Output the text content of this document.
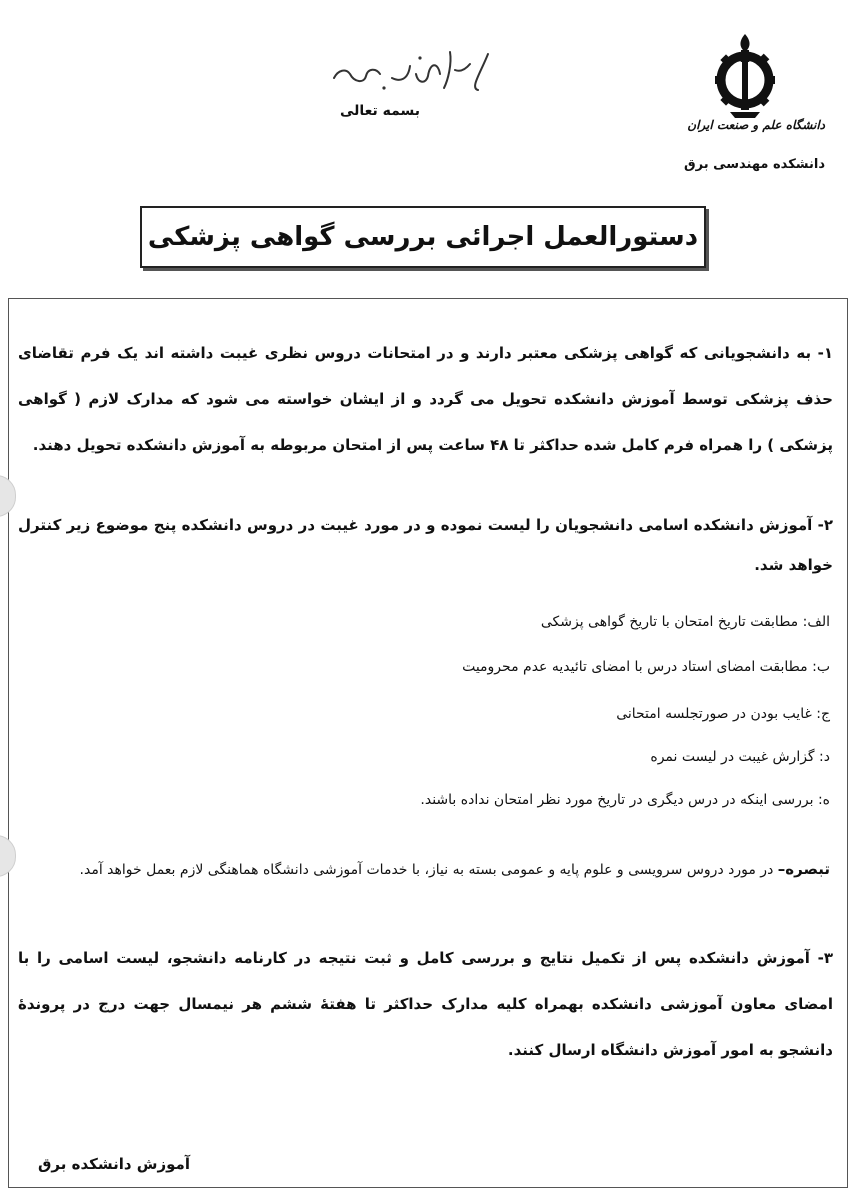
بسمه تعالی
دانشگاه علم و صنعت ایران
دانشکده مهندسی برق
دستورالعمل اجرائی بررسی گواهی پزشکی
۱- به دانشجویانی که گواهی پزشکی معتبر دارند و در امتحانات دروس نظری غیبت داشته اند یک فرم تقاضای حذف پزشکی توسط آموزش دانشکده تحویل می گردد و از ایشان خواسته می شود که مدارک لازم ( گواهی پزشکی ) را همراه فرم کامل شده حداکثر تا ۴۸ ساعت پس از امتحان مربوطه به آموزش دانشکده تحویل دهند.
۲- آموزش دانشکده اسامی دانشجویان را لیست نموده و در مورد غیبت در دروس دانشکده پنج موضوع زیر کنترل خواهد شد.
الف: مطابقت تاریخ امتحان با تاریخ گواهی پزشکی
ب: مطابقت امضای استاد درس با امضای تائیدیه عدم محرومیت
ج: غایب بودن در صورتجلسه امتحانی
د: گزارش غیبت در لیست نمره
ه: بررسی اینکه در درس دیگری در تاریخ مورد نظر امتحان نداده باشند.
تبصره– در مورد دروس سرویسی و علوم پایه و عمومی بسته به نیاز، با خدمات آموزشی دانشگاه هماهنگی لازم بعمل خواهد آمد.
۳- آموزش دانشکده پس از تکمیل نتایج و بررسی کامل و ثبت نتیجه در کارنامه دانشجو، لیست اسامی را با امضای معاون آموزشی دانشکده بهمراه کلیه مدارک حداکثر تا هفتهٔ ششم هر نیمسال جهت درج در پروندهٔ دانشجو به امور آموزش دانشگاه ارسال کنند.
آموزش دانشکده برق
